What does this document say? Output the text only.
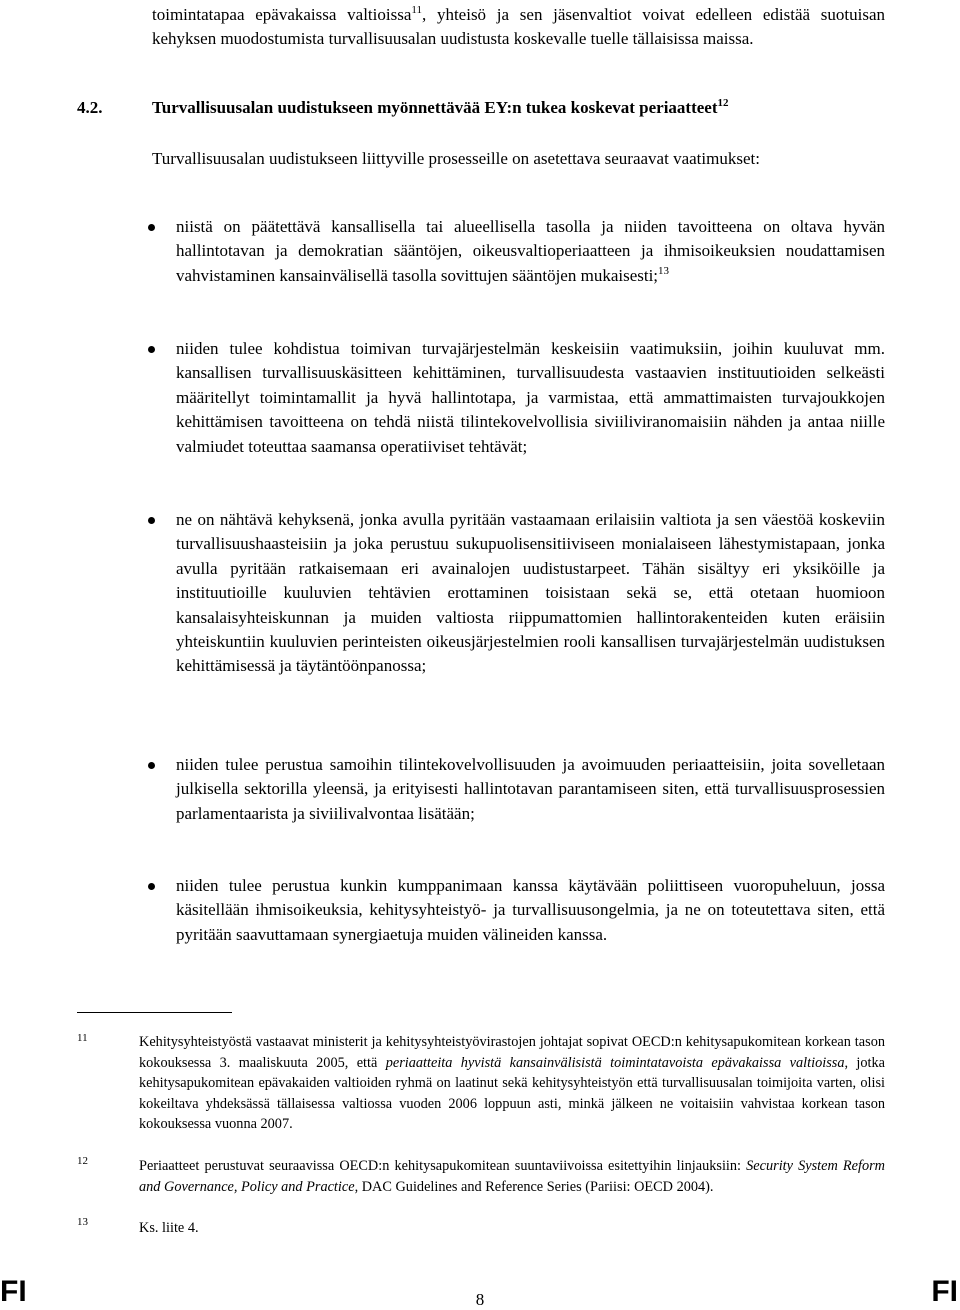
toimintatapaa epävakaissa valtioissa$^{11}$, yhteisö ja sen jäsenvaltiot voivat edelleen edistää suotuisan kehyksen muodostumista turvallisuusalan uudistusta koskevalle tuelle tällaisissa maissa.

4.2.	Turvallisuusalan uudistukseen myönnettävää EY:n tukea koskevat periaatteet$^{12}$

Turvallisuusalan uudistukseen liittyville prosesseille on asetettava seuraavat vaatimukset:

niistä on päätettävä kansallisella tai alueellisella tasolla ja niiden tavoitteena on oltava hyvän hallintotavan ja demokratian sääntöjen, oikeusvaltioperiaatteen ja ihmisoikeuksien noudattamisen vahvistaminen kansainvälisellä tasolla sovittujen sääntöjen mukaisesti;$^{13}$

niiden tulee kohdistua toimivan turvajärjestelmän keskeisiin vaatimuksiin, joihin kuuluvat mm. kansallisen turvallisuuskäsitteen kehittäminen, turvallisuudesta vastaavien instituutioiden selkeästi määritellyt toimintamallit ja hyvä hallintotapa, ja varmistaa, että ammattimaisten turvajoukkojen kehittämisen tavoitteena on tehdä niistä tilintekovelvollisia siviiliviranomaisiin nähden ja antaa niille valmiudet toteuttaa saamansa operatiiviset tehtävät;

ne on nähtävä kehyksenä, jonka avulla pyritään vastaamaan erilaisiin valtiota ja sen väestöä koskeviin turvallisuushaasteisiin ja joka perustuu sukupuolisensitiiviseen monialaiseen lähestymistapaan, jonka avulla pyritään ratkaisemaan eri avainalojen uudistustarpeet. Tähän sisältyy eri yksiköille ja instituutioille kuuluvien tehtävien erottaminen toisistaan sekä se, että otetaan huomioon kansalaisyhteiskunnan ja muiden valtiosta riippumattomien hallintorakenteiden kuten eräisiin yhteiskuntiin kuuluvien perinteisten oikeusjärjestelmien rooli kansallisen turvajärjestelmän uudistuksen kehittämisessä ja täytäntöönpanossa;

niiden tulee perustua samoihin tilintekovelvollisuuden ja avoimuuden periaatteisiin, joita sovelletaan julkisella sektorilla yleensä, ja erityisesti hallintotavan parantamiseen siten, että turvallisuusprosessien parlamentaarista ja siviilivalvontaa lisätään;

niiden tulee perustua kunkin kumppanimaan kanssa käytävään poliittiseen vuoropuheluun, jossa käsitellään ihmisoikeuksia, kehitysyhteistyö- ja turvallisuusongelmia, ja ne on toteutettava siten, että pyritään saavuttamaan synergiaetuja muiden välineiden kanssa.

11	Kehitysyhteistyöstä vastaavat ministerit ja kehitysyhteistyövirastojen johtajat sopivat OECD:n kehitysapukomitean korkean tason kokouksessa 3. maaliskuuta 2005, että periaatteita hyvistä kansainvälisistä toimintatavoista epävakaissa valtioissa, jotka kehitysapukomitean epävakaiden valtioiden ryhmä on laatinut sekä kehitysyhteistyön että turvallisuusalan toimijoita varten, olisi kokeiltava yhdeksässä tällaisessa valtiossa vuoden 2006 loppuun asti, minkä jälkeen ne voitaisiin vahvistaa korkean tason kokouksessa vuonna 2007.

12	Periaatteet perustuvat seuraavissa OECD:n kehitysapukomitean suuntaviivoissa esitettyihin linjauksiin: Security System Reform and Governance, Policy and Practice, DAC Guidelines and Reference Series (Pariisi: OECD 2004).

13	Ks. liite 4.

FI	8	FI
